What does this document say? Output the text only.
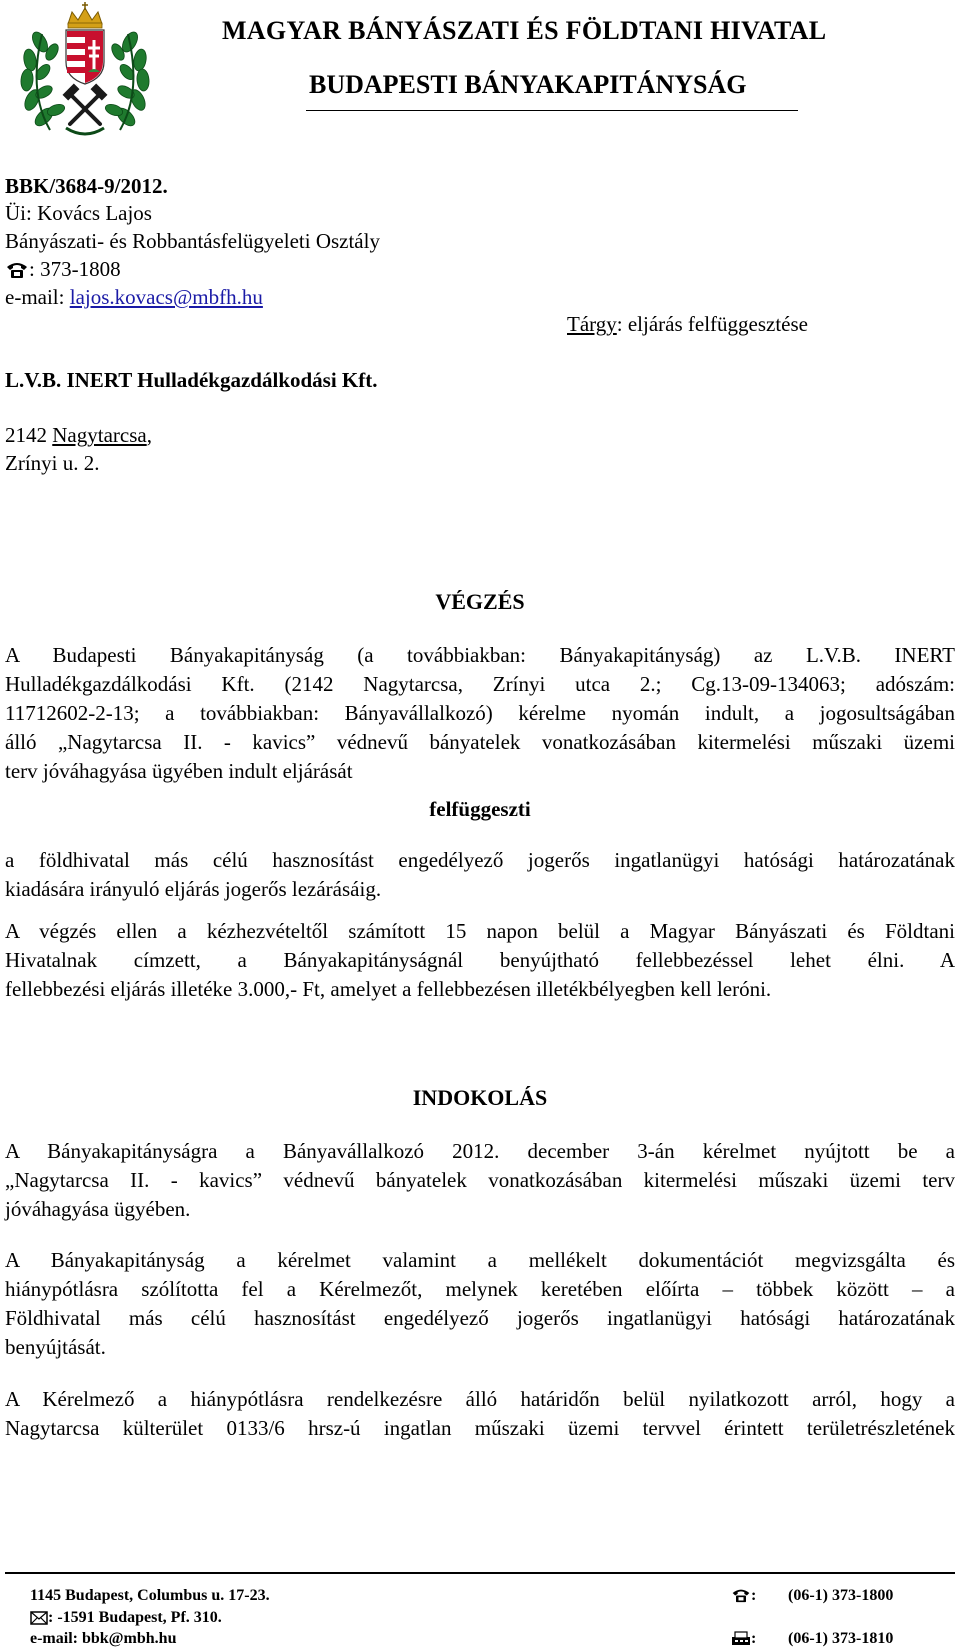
MAGYAR BÁNYÁSZATI ÉS FÖLDTANI HIVATAL
BUDAPESTI BÁNYAKAPITÁNYSÁG
BBK/3684-9/2012.
Üi: Kovács Lajos
Bányászati- és Robbantásfelügyeleti Osztály
: 373-1808
e-mail: lajos.kovacs@mbfh.hu
Tárgy: eljárás felfüggesztése
L.V.B. INERT Hulladékgazdálkodási Kft.
2142 Nagytarcsa,
Zrínyi u. 2.
VÉGZÉS
A Budapesti Bányakapitányság (a továbbiakban: Bányakapitányság) az L.V.B. INERT
Hulladékgazdálkodási Kft. (2142 Nagytarcsa, Zrínyi utca 2.; Cg.13-09-134063; adószám:
11712602-2-13; a továbbiakban: Bányavállalkozó) kérelme nyomán indult, a jogosultságában
álló „Nagytarcsa II. - kavics” védnevű bányatelek vonatkozásában kitermelési műszaki üzemi
terv jóváhagyása ügyében indult eljárását
felfüggeszti
a földhivatal más célú hasznosítást engedélyező jogerős ingatlanügyi hatósági határozatának
kiadására irányuló eljárás jogerős lezárásáig.
A végzés ellen a kézhezvételtől számított 15 napon belül a Magyar Bányászati és Földtani
Hivatalnak címzett, a Bányakapitányságnál benyújtható fellebbezéssel lehet élni. A
fellebbezési eljárás illetéke 3.000,- Ft, amelyet a fellebbezésen illetékbélyegben kell leróni.
INDOKOLÁS
A Bányakapitányságra a Bányavállalkozó 2012. december 3-án kérelmet nyújtott be a
„Nagytarcsa II. - kavics” védnevű bányatelek vonatkozásában kitermelési műszaki üzemi terv
jóváhagyása ügyében.
A Bányakapitányság a kérelmet valamint a mellékelt dokumentációt megvizsgálta és
hiánypótlásra szólította fel a Kérelmezőt, melynek keretében előírta – többek között – a
Földhivatal más célú hasznosítást engedélyező jogerős ingatlanügyi hatósági határozatának
benyújtását.
A Kérelmező a hiánypótlásra rendelkezésre álló határidőn belül nyilatkozott arról, hogy a
Nagytarcsa külterület 0133/6 hrsz-ú ingatlan műszaki üzemi tervvel érintett területrészletének
1145 Budapest, Columbus u. 17-23.
: -1591 Budapest, Pf. 310.
e-mail: bbk@mbh.hu
: (06-1) 373-1800
: (06-1) 373-1810
